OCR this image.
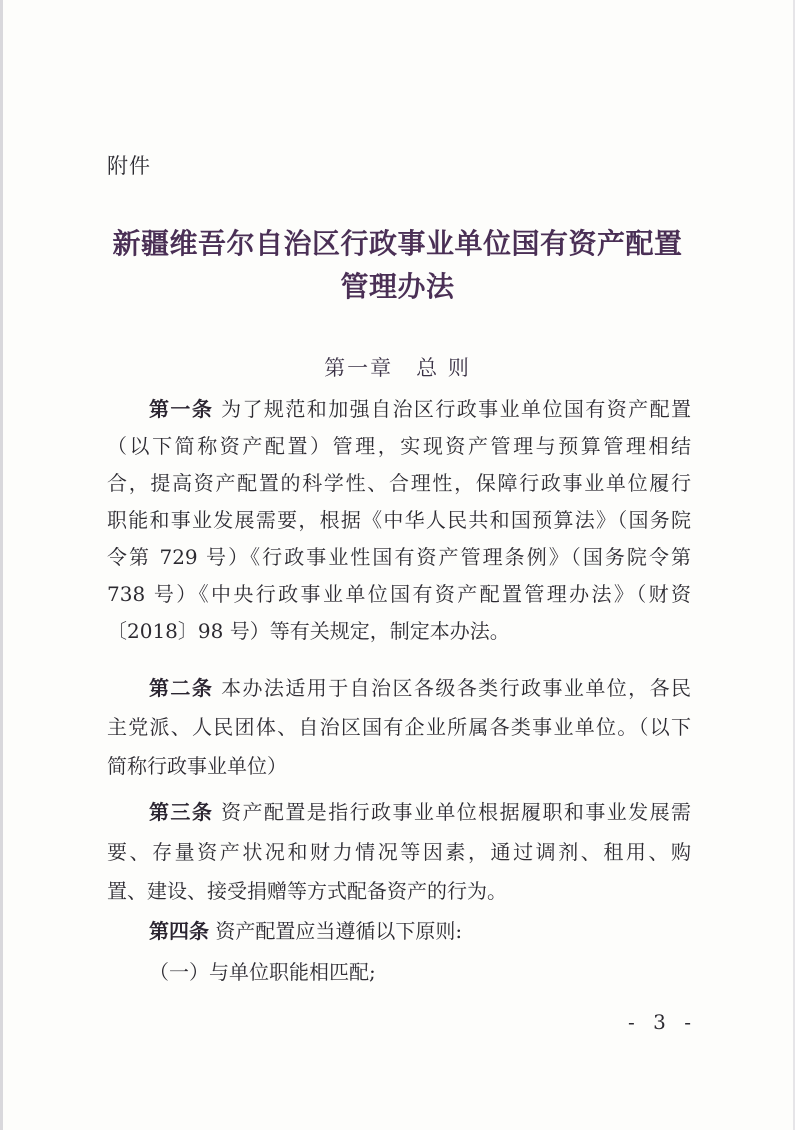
附件
新疆维吾尔自治区行政事业单位国有资产配置
管理办法
第一章　总 则
第一条 为了规范和加强自治区行政事业单位国有资产配置
（以下简称资产配置）管理，实现资产管理与预算管理相结
合，提高资产配置的科学性、合理性，保障行政事业单位履行
职能和事业发展需要，根据《中华人民共和国预算法》（国务院
令第 729 号）《行政事业性国有资产管理条例》（国务院令第
738 号）《中央行政事业单位国有资产配置管理办法》（财资
〔2018〕98 号）等有关规定，制定本办法。
第二条 本办法适用于自治区各级各类行政事业单位，各民
主党派、人民团体、自治区国有企业所属各类事业单位。（以下
简称行政事业单位）
第三条 资产配置是指行政事业单位根据履职和事业发展需
要、存量资产状况和财力情况等因素，通过调剂、租用、购
置、建设、接受捐赠等方式配备资产的行为。
第四条 资产配置应当遵循以下原则:
（一）与单位职能相匹配;
- 3 -
